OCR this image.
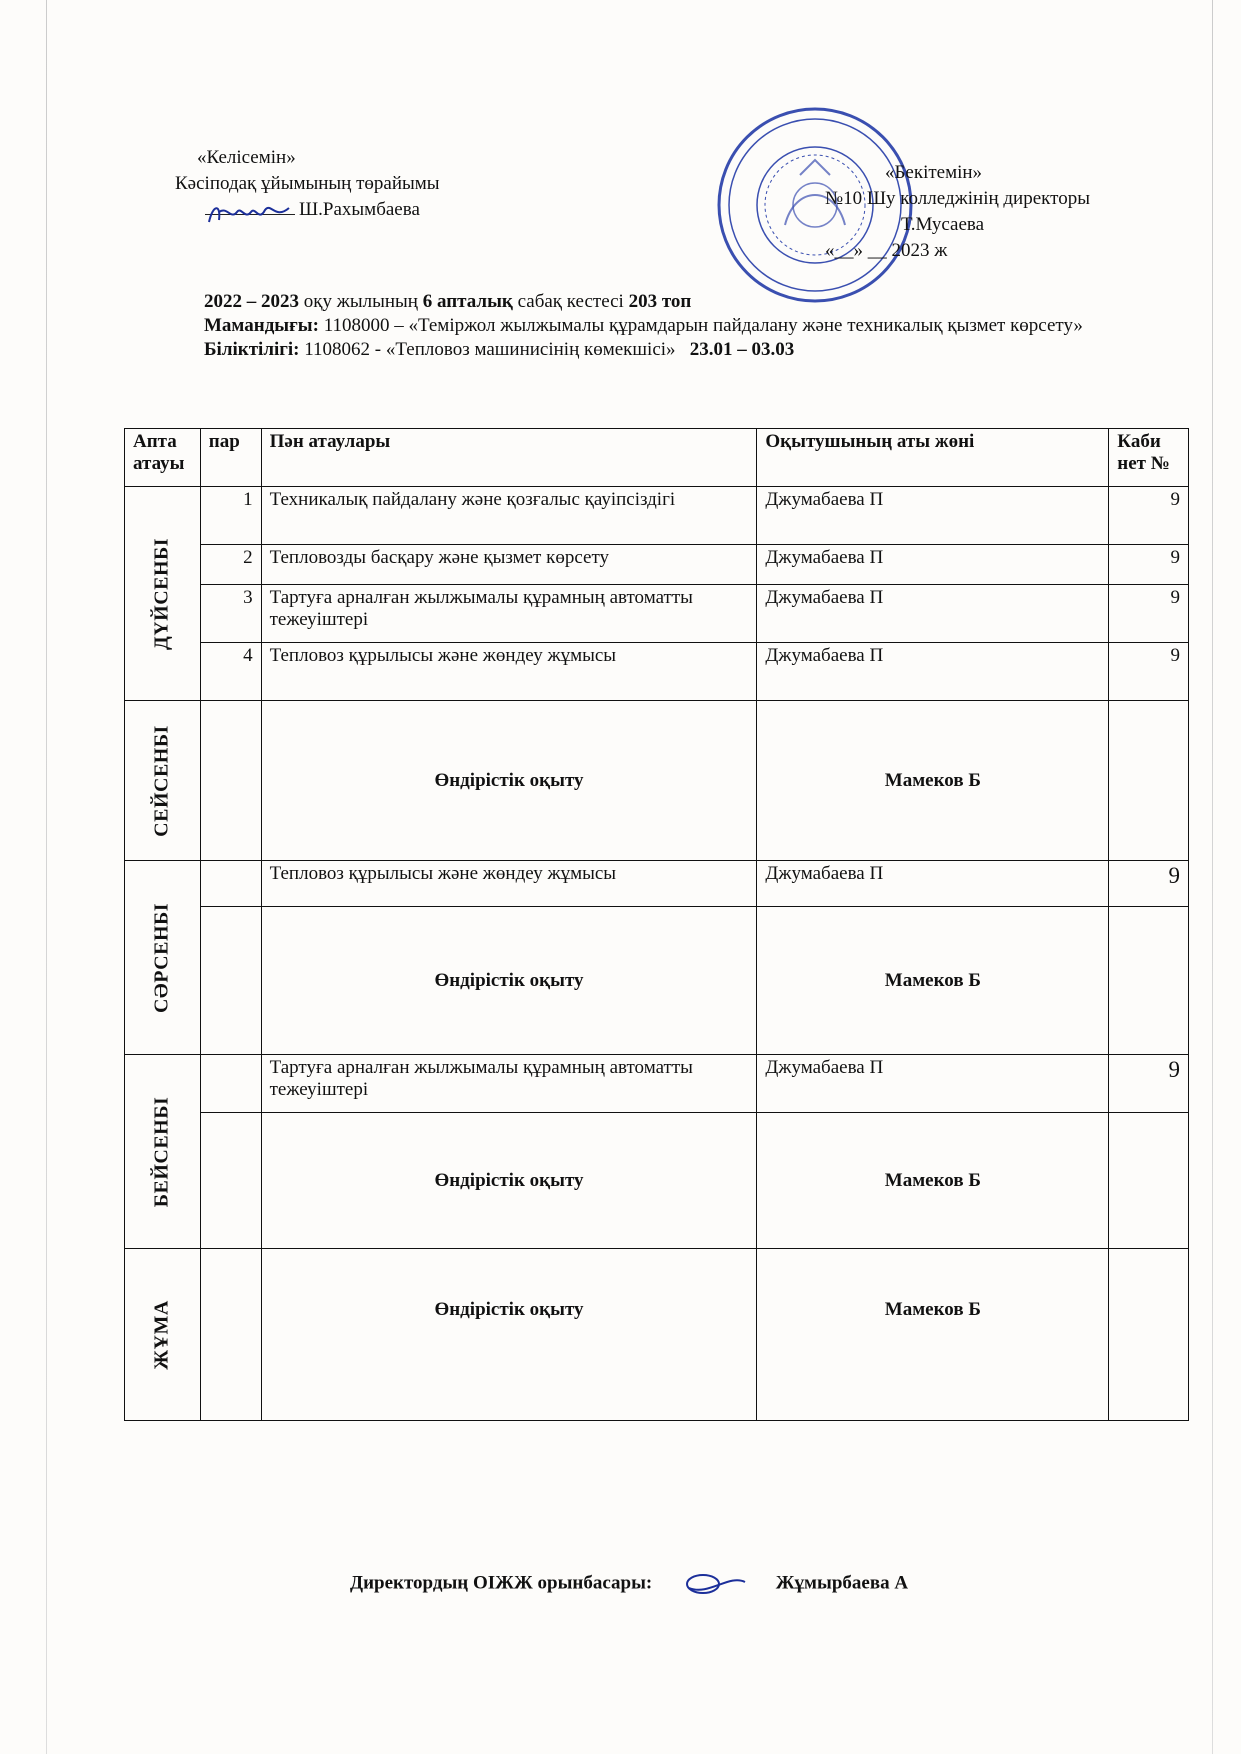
«Келісемін»
Кәсіподақ ұйымының төрайымы
Ш.Рахымбаева
«Бекітемін»
№10 Шу колледжінің директоры
Т.Мусаева
«__» __ 2023 ж
2022 – 2023 оқу жылының 6 апталық сабақ кестесі 203 топ
Мамандығы: 1108000 – «Теміржол жылжымалы құрамдарын пайдалану және техникалық қызмет көрсету»
Біліктілігі: 1108062 - «Тепловоз машинисінің көмекшісі» 23.01 – 03.03
Апта атауы	пар	Пән атаулары	Оқытушының аты жөні	Каби нет №

ДҮЙСЕНБІ	1	Техникалық пайдалану және қозғалыс қауіпсіздігі	Джумабаева П	9
	2	Тепловозды басқару және қызмет көрсету	Джумабаева П	9
	3	Тартуға арналған жылжымалы құрамның автоматты тежеуіштері	Джумабаева П	9
	4	Тепловоз құрылысы және жөндеу жұмысы	Джумабаева П	9

СЕЙСЕНБІ		Өндірістік оқыту	Мамеков Б	

СӘРСЕНБІ		Тепловоз құрылысы және жөндеу жұмысы	Джумабаева П	9
		Өндірістік оқыту	Мамеков Б	

БЕЙСЕНБІ		Тартуға арналған жылжымалы құрамның автоматты тежеуіштері	Джумабаева П	9
		Өндірістік оқыту	Мамеков Б	

ЖҰМА		Өндірістік оқыту	Мамеков Б	
Директордың ОІЖЖ орынбасары:	Жұмырбаева А
